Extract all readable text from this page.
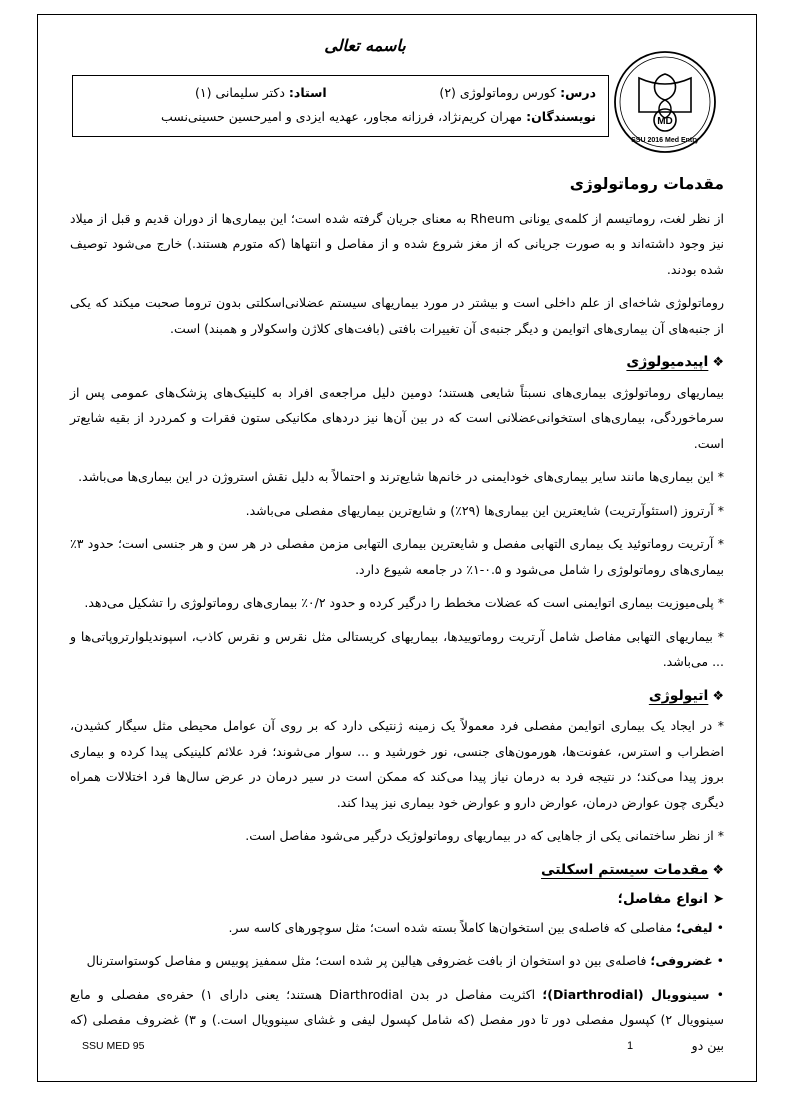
باسمه تعالی
MD
SSU 2016 Med Entry
درس: کورس روماتولوژی (۲)
استاد: دکتر سلیمانی (۱)
نویسندگان: مهران کریم‌نژاد، فرزانه مجاور، عهدیه ایزدی و امیرحسین حسینی‌نسب
مقدمات روماتولوژی

از نظر لغت، روماتیسم از کلمه‌ی یونانی Rheum به معنای جریان گرفته شده است؛ این بیماری‌ها از دوران قدیم و قبل از میلاد نیز وجود داشته‌اند و به صورت جریانی که از مغز شروع شده و از مفاصل و انتهاها (که متورم هستند.) خارج می‌شود توصیف شده بودند.

روماتولوژی شاخه‌ای از علم داخلی است و بیشتر در مورد بیماریهای سیستم عضلانی‌اسکلتی بدون تروما صحبت میکند که یکی از جنبه‌های آن بیماری‌های اتوایمن و دیگر جنبه‌ی آن تغییرات بافتی (بافت‌های کلاژن واسکولار و همبند) است.

❖اپیدمیولوژی

بیماریهای روماتولوژی بیماری‌های نسبتاً شایعی هستند؛ دومین دلیل مراجعه‌ی افراد به کلینیک‌های پزشک‌های عمومی پس از سرماخوردگی، بیماری‌های استخوانی‌عضلانی است که در بین آن‌ها نیز دردهای مکانیکی ستون فقرات و کمردرد از بقیه شایع‌تر است.

* این بیماری‌ها مانند سایر بیماری‌های خودایمنی در خانم‌ها شایع‌ترند و احتمالاً به دلیل نقش استروژن در این بیماری‌ها می‌باشد.

* آرتروز (استئوآرتریت) شایعترین این بیماری‌ها (۲۹٪) و شایع‌ترین بیماریهای مفصلی می‌باشد.

* آرتریت روماتوئید یک بیماری التهابی مفصل و شایعترین بیماری التهابی مزمن مفصلی در هر سن و هر جنسی است؛ حدود ۳٪ بیماری‌های روماتولوژی را شامل می‌شود و ۰.۵-۱٪ در جامعه شیوع دارد.

* پلی‌میوزیت بیماری اتوایمنی است که عضلات مخطط را درگیر کرده و حدود ۰/۲٪ بیماری‌های روماتولوژی را تشکیل می‌دهد.

* بیماریهای التهابی مفاصل شامل آرتریت روماتوییدها، بیماریهای کریستالی مثل نقرس و نقرس کاذب، اسپوندیلوارتروپاتی‌ها و ... می‌باشد.

❖اتیولوژی

* در ایجاد یک بیماری اتوایمن مفصلی فرد معمولاً یک زمینه ژنتیکی دارد که بر روی آن عوامل محیطی مثل سیگار کشیدن، اضطراب و استرس، عفونت‌ها، هورمون‌های جنسی، نور خورشید و ... سوار می‌شوند؛ فرد علائم کلینیکی پیدا کرده و بیماری بروز پیدا می‌کند؛ در نتیجه فرد به درمان نیاز پیدا می‌کند که ممکن است در سیر درمان در عرض سال‌ها فرد اختلالات همراه دیگری چون عوارض درمان، عوارض دارو و عوارض خود بیماری نیز پیدا کند.

* از نظر ساختمانی یکی از جاهایی که در بیماریهای روماتولوژیک درگیر می‌شود مفاصل است.

❖مقدمات سیستم اسکلتی
➤ انواع مفاصل؛

• لیفی؛ مفاصلی که فاصله‌ی بین استخوان‌ها کاملاً بسته شده است؛ مثل سوچورهای کاسه سر.

• غضروفی؛ فاصله‌ی بین دو استخوان از بافت غضروفی هیالین پر شده است؛ مثل سمفیز پوبیس و مفاصل کوستواسترنال

• سینوویال (Diarthrodial)؛ اکثریت مفاصل در بدن Diarthrodial هستند؛ یعنی دارای ۱) حفره‌ی مفصلی و مایع سینوویال ۲) کپسول مفصلی دور تا دور مفصل (که شامل کپسول لیفی و غشای سینوویال است.) و ۳) غضروف مفصلی (که بین دو

SSU MED 95	1
